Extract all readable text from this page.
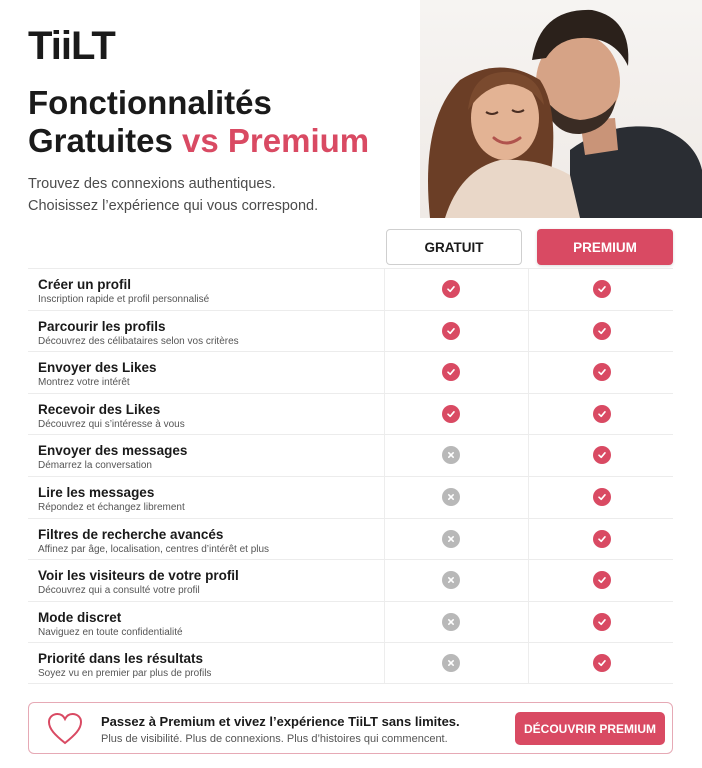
TiiLT
Fonctionnalités
Gratuites vs Premium
Trouvez des connexions authentiques.
Choisissez l’expérience qui vous correspond.
GRATUIT	PREMIUM
Créer un profil
Inscription rapide et profil personnalisé
Parcourir les profils
Découvrez des célibataires selon vos critères
Envoyer des Likes
Montrez votre intérêt
Recevoir des Likes
Découvrez qui s’intéresse à vous
Envoyer des messages
Démarrez la conversation
Lire les messages
Répondez et échangez librement
Filtres de recherche avancés
Affinez par âge, localisation, centres d’intérêt et plus
Voir les visiteurs de votre profil
Découvrez qui a consulté votre profil
Mode discret
Naviguez en toute confidentialité
Priorité dans les résultats
Soyez vu en premier par plus de profils
Passez à Premium et vivez l’expérience TiiLT sans limites.
Plus de visibilité. Plus de connexions. Plus d’histoires qui commencent.
DÉCOUVRIR PREMIUM
